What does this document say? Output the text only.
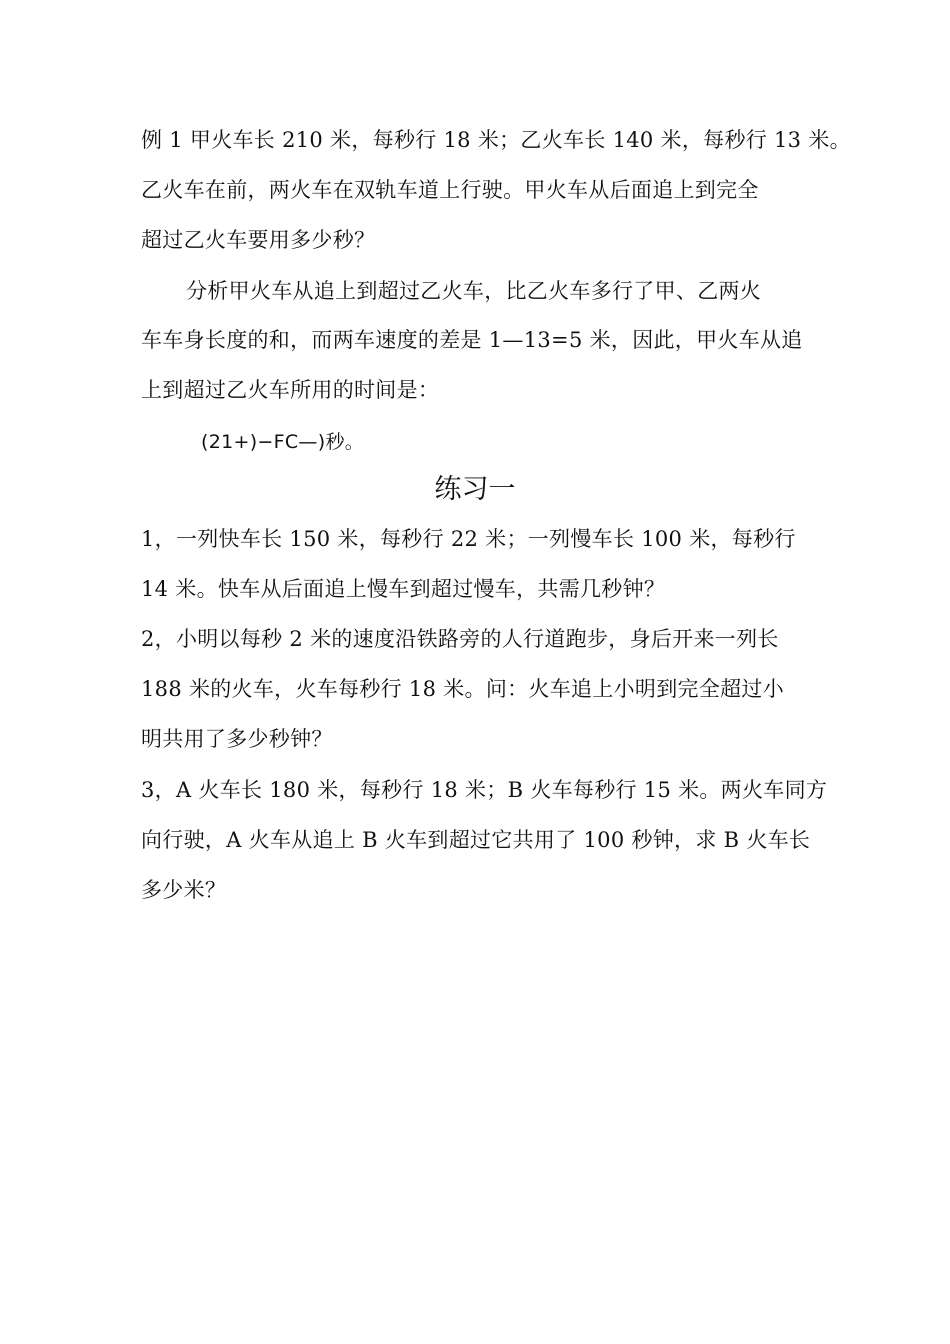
例 1 甲火车长 210 米，每秒行 18 米；乙火车长 140 米，每秒行 13 米。
乙火车在前，两火车在双轨车道上行驶。甲火车从后面追上到完全
超过乙火车要用多少秒？
分析甲火车从追上到超过乙火车，比乙火车多行了甲、乙两火
车车身长度的和，而两车速度的差是 1—13=5 米，因此，甲火车从追
上到超过乙火车所用的时间是：
(21+)−FC—)秒。
练习一
1，一列快车长 150 米，每秒行 22 米；一列慢车长 100 米，每秒行
14 米。快车从后面追上慢车到超过慢车，共需几秒钟？
2，小明以每秒 2 米的速度沿铁路旁的人行道跑步，身后开来一列长
188 米的火车，火车每秒行 18 米。问：火车追上小明到完全超过小
明共用了多少秒钟？
3，A 火车长 180 米，每秒行 18 米；B 火车每秒行 15 米。两火车同方
向行驶，A 火车从追上 B 火车到超过它共用了 100 秒钟，求 B 火车长
多少米？
